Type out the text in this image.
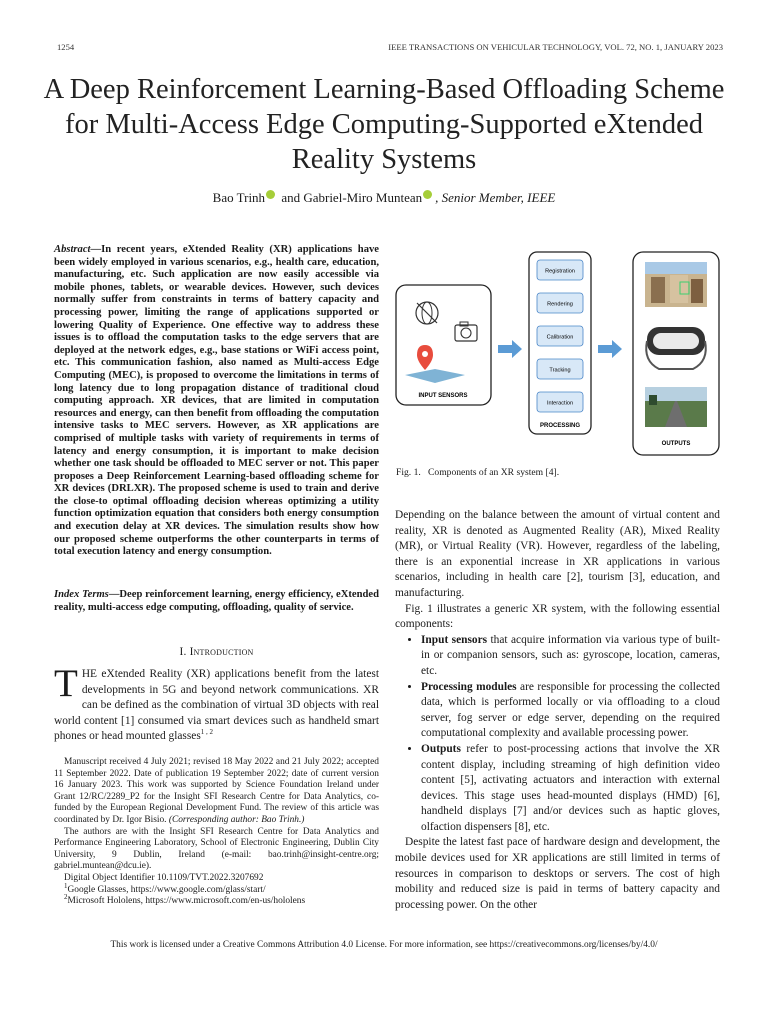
1254	IEEE TRANSACTIONS ON VEHICULAR TECHNOLOGY, VOL. 72, NO. 1, JANUARY 2023
A Deep Reinforcement Learning-Based Offloading Scheme for Multi-Access Edge Computing-Supported eXtended Reality Systems
Bao Trinh and Gabriel-Miro Muntean , Senior Member, IEEE
Abstract—In recent years, eXtended Reality (XR) applications have been widely employed in various scenarios, e.g., health care, education, manufacturing, etc. Such application are now easily accessible via mobile phones, tablets, or wearable devices. However, such devices normally suffer from constraints in terms of battery capacity and processing power, limiting the range of applications supported or lowering Quality of Experience. One effective way to address these issues is to offload the computation tasks to the edge servers that are deployed at the network edges, e.g., base stations or WiFi access point, etc. This communication fashion, also named as Multi-access Edge Computing (MEC), is proposed to overcome the limitations in terms of long latency due to long propagation distance of traditional cloud computing approach. XR devices, that are limited in computation resources and energy, can then benefit from offloading the computation intensive tasks to MEC servers. However, as XR applications are comprised of multiple tasks with variety of requirements in terms of latency and energy consumption, it is important to make decision whether one task should be offloaded to MEC server or not. This paper proposes a Deep Reinforcement Learning-based offloading scheme for XR devices (DRLXR). The proposed scheme is used to train and derive the close-to optimal offloading decision whereas optimizing a utility function optimization equation that considers both energy consumption and execution delay at XR devices. The simulation results show how our proposed scheme outperforms the other counterparts in terms of total execution latency and energy consumption.
Index Terms—Deep reinforcement learning, energy efficiency, eXtended reality, multi-access edge computing, offloading, quality of service.
I. Introduction
THE eXtended Reality (XR) applications benefit from the latest developments in 5G and beyond network communications. XR can be defined as the combination of virtual 3D objects with real world content [1] consumed via smart devices such as handheld smart phones or head mounted glasses$^{1 , 2}$

Manuscript received 4 July 2021; revised 18 May 2022 and 21 July 2022; accepted 11 September 2022. Date of publication 19 September 2022; date of current version 16 January 2023. This work was supported by Science Foundation Ireland under Grant 12/RC/2289_P2 for the Insight SFI Research Centre for Data Analytics, co-funded by the European Regional Development Fund. The review of this article was coordinated by Dr. Igor Bisio. (Corresponding author: Bao Trinh.)

The authors are with the Insight SFI Research Centre for Data Analytics and Performance Engineering Laboratory, School of Electronic Engineering, Dublin City University, 9 Dublin, Ireland (e-mail: bao.trinh@insight-centre.org; gabriel.muntean@dcu.ie).

Digital Object Identifier 10.1109/TVT.2022.3207692

$^1$Google Glasses, https://www.google.com/glass/start/

$^2$Microsoft Hololens, https://www.microsoft.com/en-us/hololens

INPUT SENSORS
Registration
Rendering
Calibration
Tracking
Interaction
PROCESSING
OUTPUTS
Fig. 1. Components of an XR system [4].

Depending on the balance between the amount of virtual content and reality, XR is denoted as Augmented Reality (AR), Mixed Reality (MR), or Virtual Reality (VR). However, regardless of the labeling, there is an exponential increase in XR applications in various scenarios, including in health care [2], tourism [3], education, and manufacturing.

Fig. 1 illustrates a generic XR system, with the following essential components:

• Input sensors that acquire information via various type of built-in or companion sensors, such as: gyroscope, location, cameras, etc.
• Processing modules are responsible for processing the collected data, which is performed locally or via offloading to a cloud server, fog server or edge server, depending on the required computational complexity and available processing power.
• Outputs refer to post-processing actions that involve the XR content display, including streaming of high definition video content [5], activating actuators and interaction with external devices. This stage uses head-mounted displays (HMD) [6], handheld displays [7] and/or devices such as haptic gloves, olfaction dispensers [8], etc.

Despite the latest fast pace of hardware design and development, the mobile devices used for XR applications are still limited in terms of resources in comparison to desktops or servers. The cost of high mobility and reduced size is paid in terms of battery capacity and processing power. On the other

This work is licensed under a Creative Commons Attribution 4.0 License. For more information, see https://creativecommons.org/licenses/by/4.0/
